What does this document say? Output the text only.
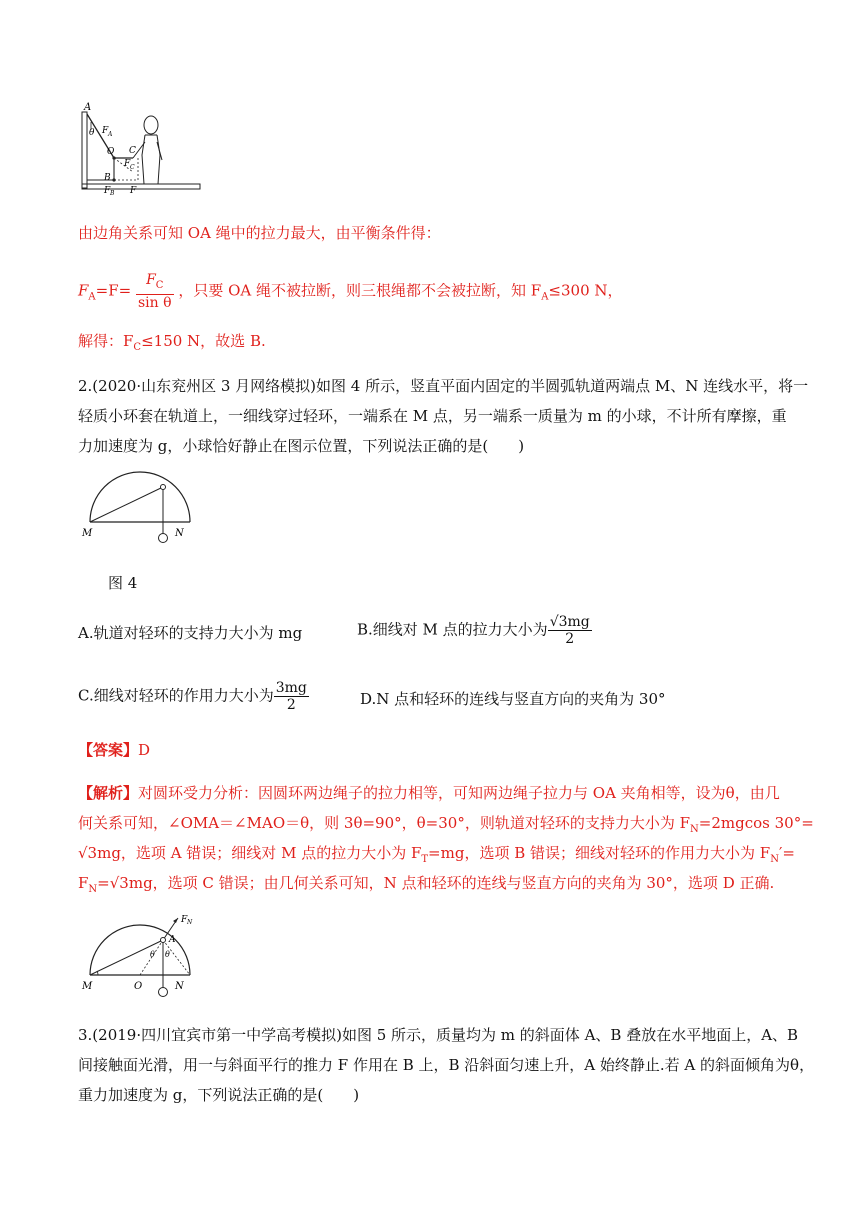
A
θ F A
O C
F C
B
F B F
由边角关系可知 OA 绳中的拉力最大，由平衡条件得：
$F_A=F= \frac{F_C}{\text{sin θ}}$ ，只要 OA 绳不被拉断，则三根绳都不会被拉断，知 $F_A\le 300$ N，
解得：$F_C\le 150$ N，故选 B.
2.(2020·山东兖州区 3 月网络模拟)如图 4 所示，竖直平面内固定的半圆弧轨道两端点 M、N 连线水平，将一
轻质小环套在轨道上，一细线穿过轻环，一端系在 M 点，另一端系一质量为 m 的小球，不计所有摩擦，重
力加速度为 g，小球恰好静止在图示位置，下列说法正确的是(　　)
M	N
图 4
A.轨道对轻环的支持力大小为 mg	B.细线对 M 点的拉力大小为 $\frac{√3mg}{2}$
C.细线对轻环的作用力大小为 $\frac{3mg}{2}$	D.N 点和轻环的连线与竖直方向的夹角为 30°
【答案】D
【解析】对圆环受力分析：因圆环两边绳子的拉力相等，可知两边绳子拉力与 OA 夹角相等，设为θ，由几
何关系可知，∠OMA＝∠MAO＝θ，则 3θ=90°，θ=30°，则轨道对轻环的支持力大小为 $F_N=2mgcos$ 30°=
√3mg，选项 A 错误；细线对 M 点的拉力大小为 $F_T=mg$，选项 B 错误；细线对轻环的作用力大小为 $F_N'=$
$F_N=√3mg$，选项 C 错误；由几何关系可知，N 点和轻环的连线与竖直方向的夹角为 30°，选项 D 正确.
F N
A
θ θ
M	O	N
3.(2019·四川宜宾市第一中学高考模拟)如图 5 所示，质量均为 m 的斜面体 A、B 叠放在水平地面上，A、B
间接触面光滑，用一与斜面平行的推力 F 作用在 B 上，B 沿斜面匀速上升，A 始终静止.若 A 的斜面倾角为θ，
重力加速度为 g，下列说法正确的是(　　)
